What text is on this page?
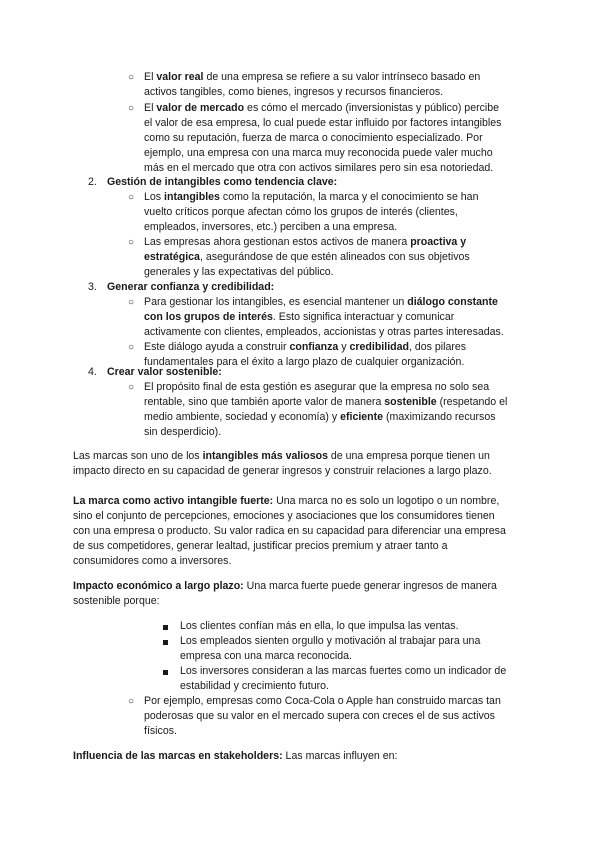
○
○
2.
○
○
3.
○
○
4.
○
○
El valor real de una empresa se refiere a su valor intrínseco basado en
activos tangibles, como bienes, ingresos y recursos financieros.
El valor de mercado es cómo el mercado (inversionistas y público) percibe
el valor de esa empresa, lo cual puede estar influido por factores intangibles
como su reputación, fuerza de marca o conocimiento especializado. Por
ejemplo, una empresa con una marca muy reconocida puede valer mucho
más en el mercado que otra con activos similares pero sin esa notoriedad.
Gestión de intangibles como tendencia clave:
Los intangibles como la reputación, la marca y el conocimiento se han
vuelto críticos porque afectan cómo los grupos de interés (clientes,
empleados, inversores, etc.) perciben a una empresa.
Las empresas ahora gestionan estos activos de manera proactiva y
estratégica, asegurándose de que estén alineados con sus objetivos
generales y las expectativas del público.
Generar confianza y credibilidad:
Para gestionar los intangibles, es esencial mantener un diálogo constante
con los grupos de interés. Esto significa interactuar y comunicar
activamente con clientes, empleados, accionistas y otras partes interesadas.
Este diálogo ayuda a construir confianza y credibilidad, dos pilares
fundamentales para el éxito a largo plazo de cualquier organización.
Crear valor sostenible:
El propósito final de esta gestión es asegurar que la empresa no solo sea
rentable, sino que también aporte valor de manera sostenible (respetando el
medio ambiente, sociedad y economía) y eficiente (maximizando recursos
sin desperdicio).
Las marcas son uno de los intangibles más valiosos de una empresa porque tienen un
impacto directo en su capacidad de generar ingresos y construir relaciones a largo plazo.
La marca como activo intangible fuerte: Una marca no es solo un logotipo o un nombre,
sino el conjunto de percepciones, emociones y asociaciones que los consumidores tienen
con una empresa o producto. Su valor radica en su capacidad para diferenciar una empresa
de sus competidores, generar lealtad, justificar precios premium y atraer tanto a
consumidores como a inversores.
Impacto económico a largo plazo: Una marca fuerte puede generar ingresos de manera
sostenible porque:
Los clientes confían más en ella, lo que impulsa las ventas.
Los empleados sienten orgullo y motivación al trabajar para una
empresa con una marca reconocida.
Los inversores consideran a las marcas fuertes como un indicador de
estabilidad y crecimiento futuro.
Por ejemplo, empresas como Coca-Cola o Apple han construido marcas tan
poderosas que su valor en el mercado supera con creces el de sus activos
físicos.
Influencia de las marcas en stakeholders: Las marcas influyen en:
